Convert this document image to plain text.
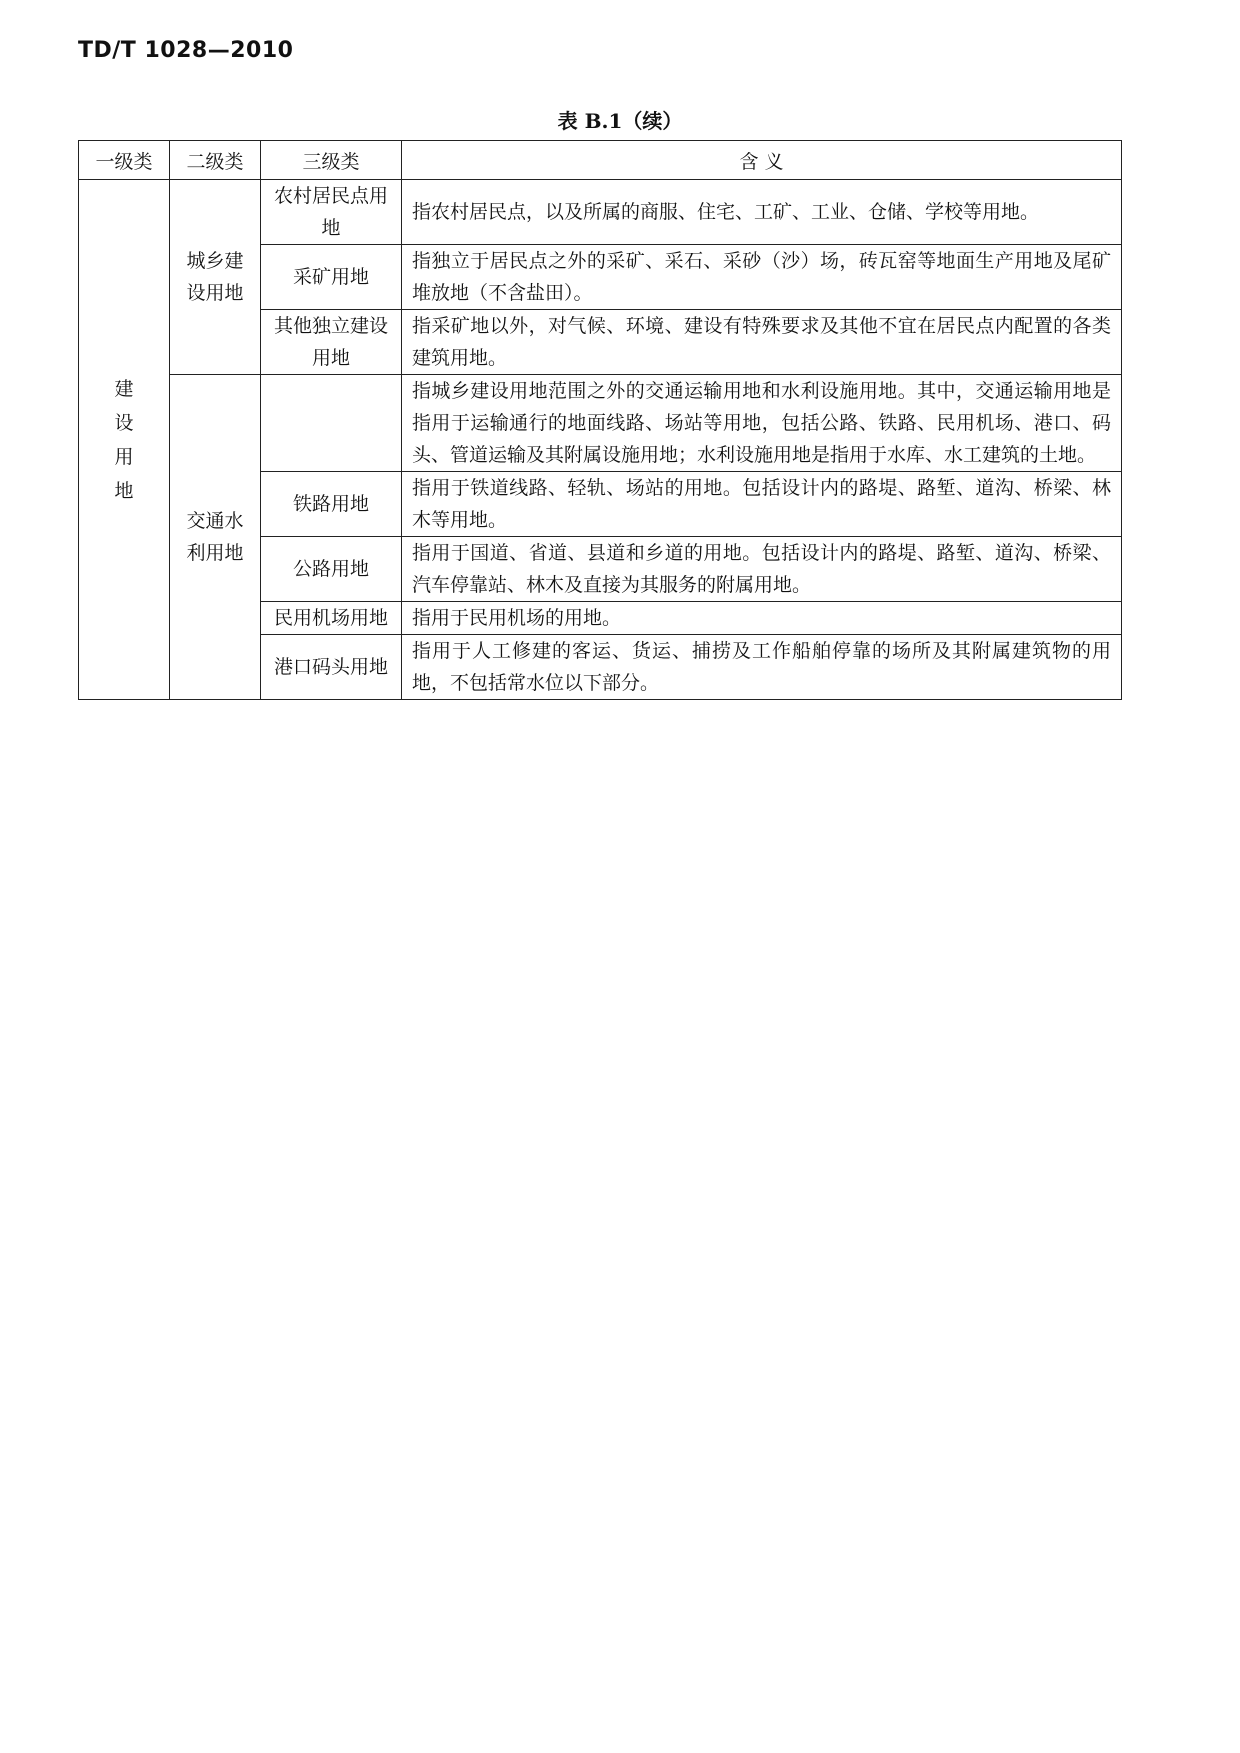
TD/T 1028—2010
表 B.1（续）
一级类	二级类	三级类	含 义
建设用地	城乡建设用地	农村居民点用地	指农村居民点，以及所属的商服、住宅、工矿、工业、仓储、学校等用地。
		采矿用地	指独立于居民点之外的采矿、采石、采砂（沙）场，砖瓦窑等地面生产用地及尾矿堆放地（不含盐田）。
		其他独立建设用地	指采矿地以外，对气候、环境、建设有特殊要求及其他不宜在居民点内配置的各类建筑用地。
	交通水利用地		指城乡建设用地范围之外的交通运输用地和水利设施用地。其中，交通运输用地是指用于运输通行的地面线路、场站等用地，包括公路、铁路、民用机场、港口、码头、管道运输及其附属设施用地；水利设施用地是指用于水库、水工建筑的土地。
		铁路用地	指用于铁道线路、轻轨、场站的用地。包括设计内的路堤、路堑、道沟、桥梁、林木等用地。
		公路用地	指用于国道、省道、县道和乡道的用地。包括设计内的路堤、路堑、道沟、桥梁、汽车停靠站、林木及直接为其服务的附属用地。
		民用机场用地	指用于民用机场的用地。
		港口码头用地	指用于人工修建的客运、货运、捕捞及工作船舶停靠的场所及其附属建筑物的用地，不包括常水位以下部分。
